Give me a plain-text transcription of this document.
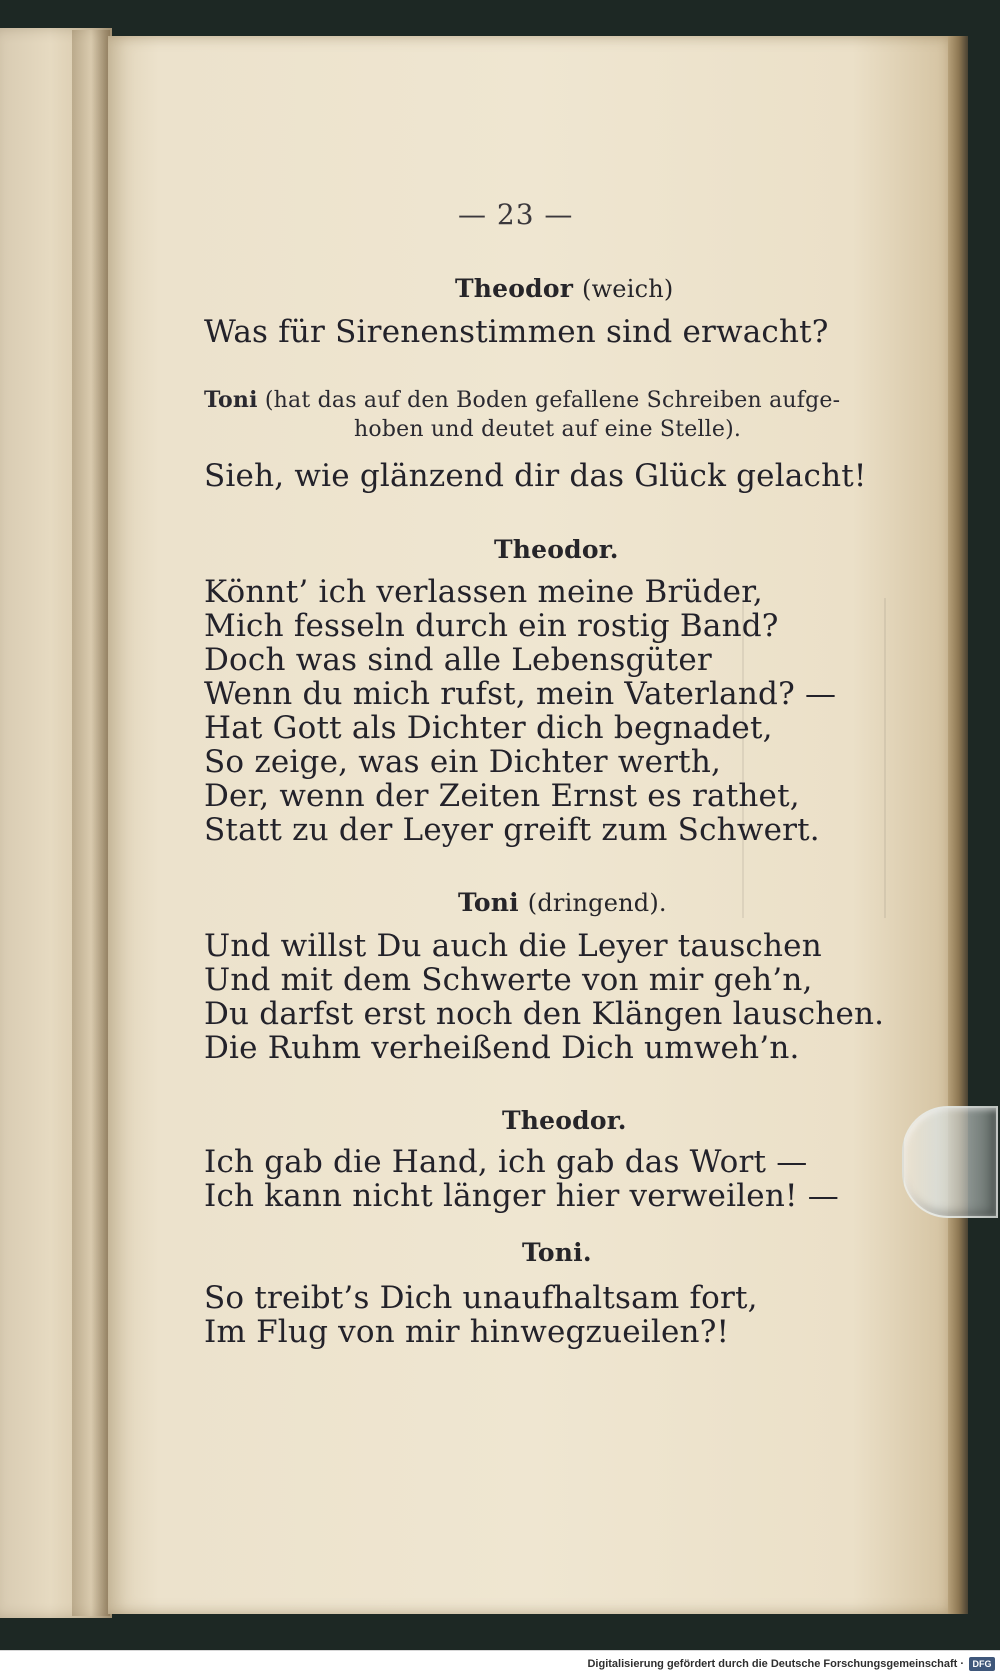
— 23 —
Theodor (weich)
Was für Sirenenstimmen sind erwacht?
Toni (hat das auf den Boden gefallene Schreiben aufge-
hoben und deutet auf eine Stelle).
Sieh, wie glänzend dir das Glück gelacht!
Theodor.
Könnt’ ich verlassen meine Brüder,
Mich fesseln durch ein rostig Band?
Doch was sind alle Lebensgüter
Wenn du mich rufst, mein Vaterland? —
Hat Gott als Dichter dich begnadet,
So zeige, was ein Dichter werth,
Der, wenn der Zeiten Ernst es rathet,
Statt zu der Leyer greift zum Schwert.
Toni (dringend).
Und willst Du auch die Leyer tauschen
Und mit dem Schwerte von mir geh’n,
Du darfst erst noch den Klängen lauschen.
Die Ruhm verheißend Dich umweh’n.
Theodor.
Ich gab die Hand, ich gab das Wort —
Ich kann nicht länger hier verweilen! —
Toni.
So treibt’s Dich unaufhaltsam fort,
Im Flug von mir hinwegzueilen?!
Digitalisierung gefördert durch die Deutsche Forschungsgemeinschaft · DFG
